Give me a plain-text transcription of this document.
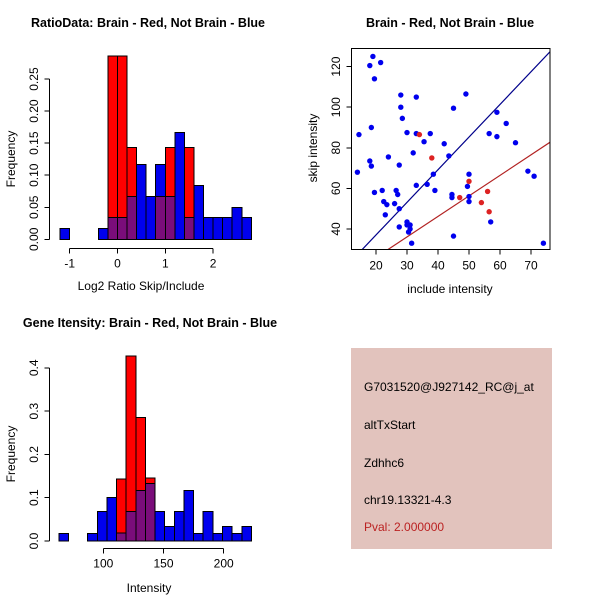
RatioData: Brain - Red, Not Brain - Blue
Log2 Ratio Skip/Include
Frequency
0.00
0.05
0.10
0.15
0.20
0.25
-1	0	1	2
Brain - Red, Not Brain - Blue
include intensity
skip intensity
20 30 40 50 60 70
40
60
80
100
120
Gene Itensity: Brain - Red, Not Brain - Blue
Intensity
Frequency
0.0
0.1
0.2
0.3
0.4
100	150	200
G7031520@J927142_RC@j_at
altTxStart
Zdhhc6
chr19.13321-4.3
Pval: 2.000000
